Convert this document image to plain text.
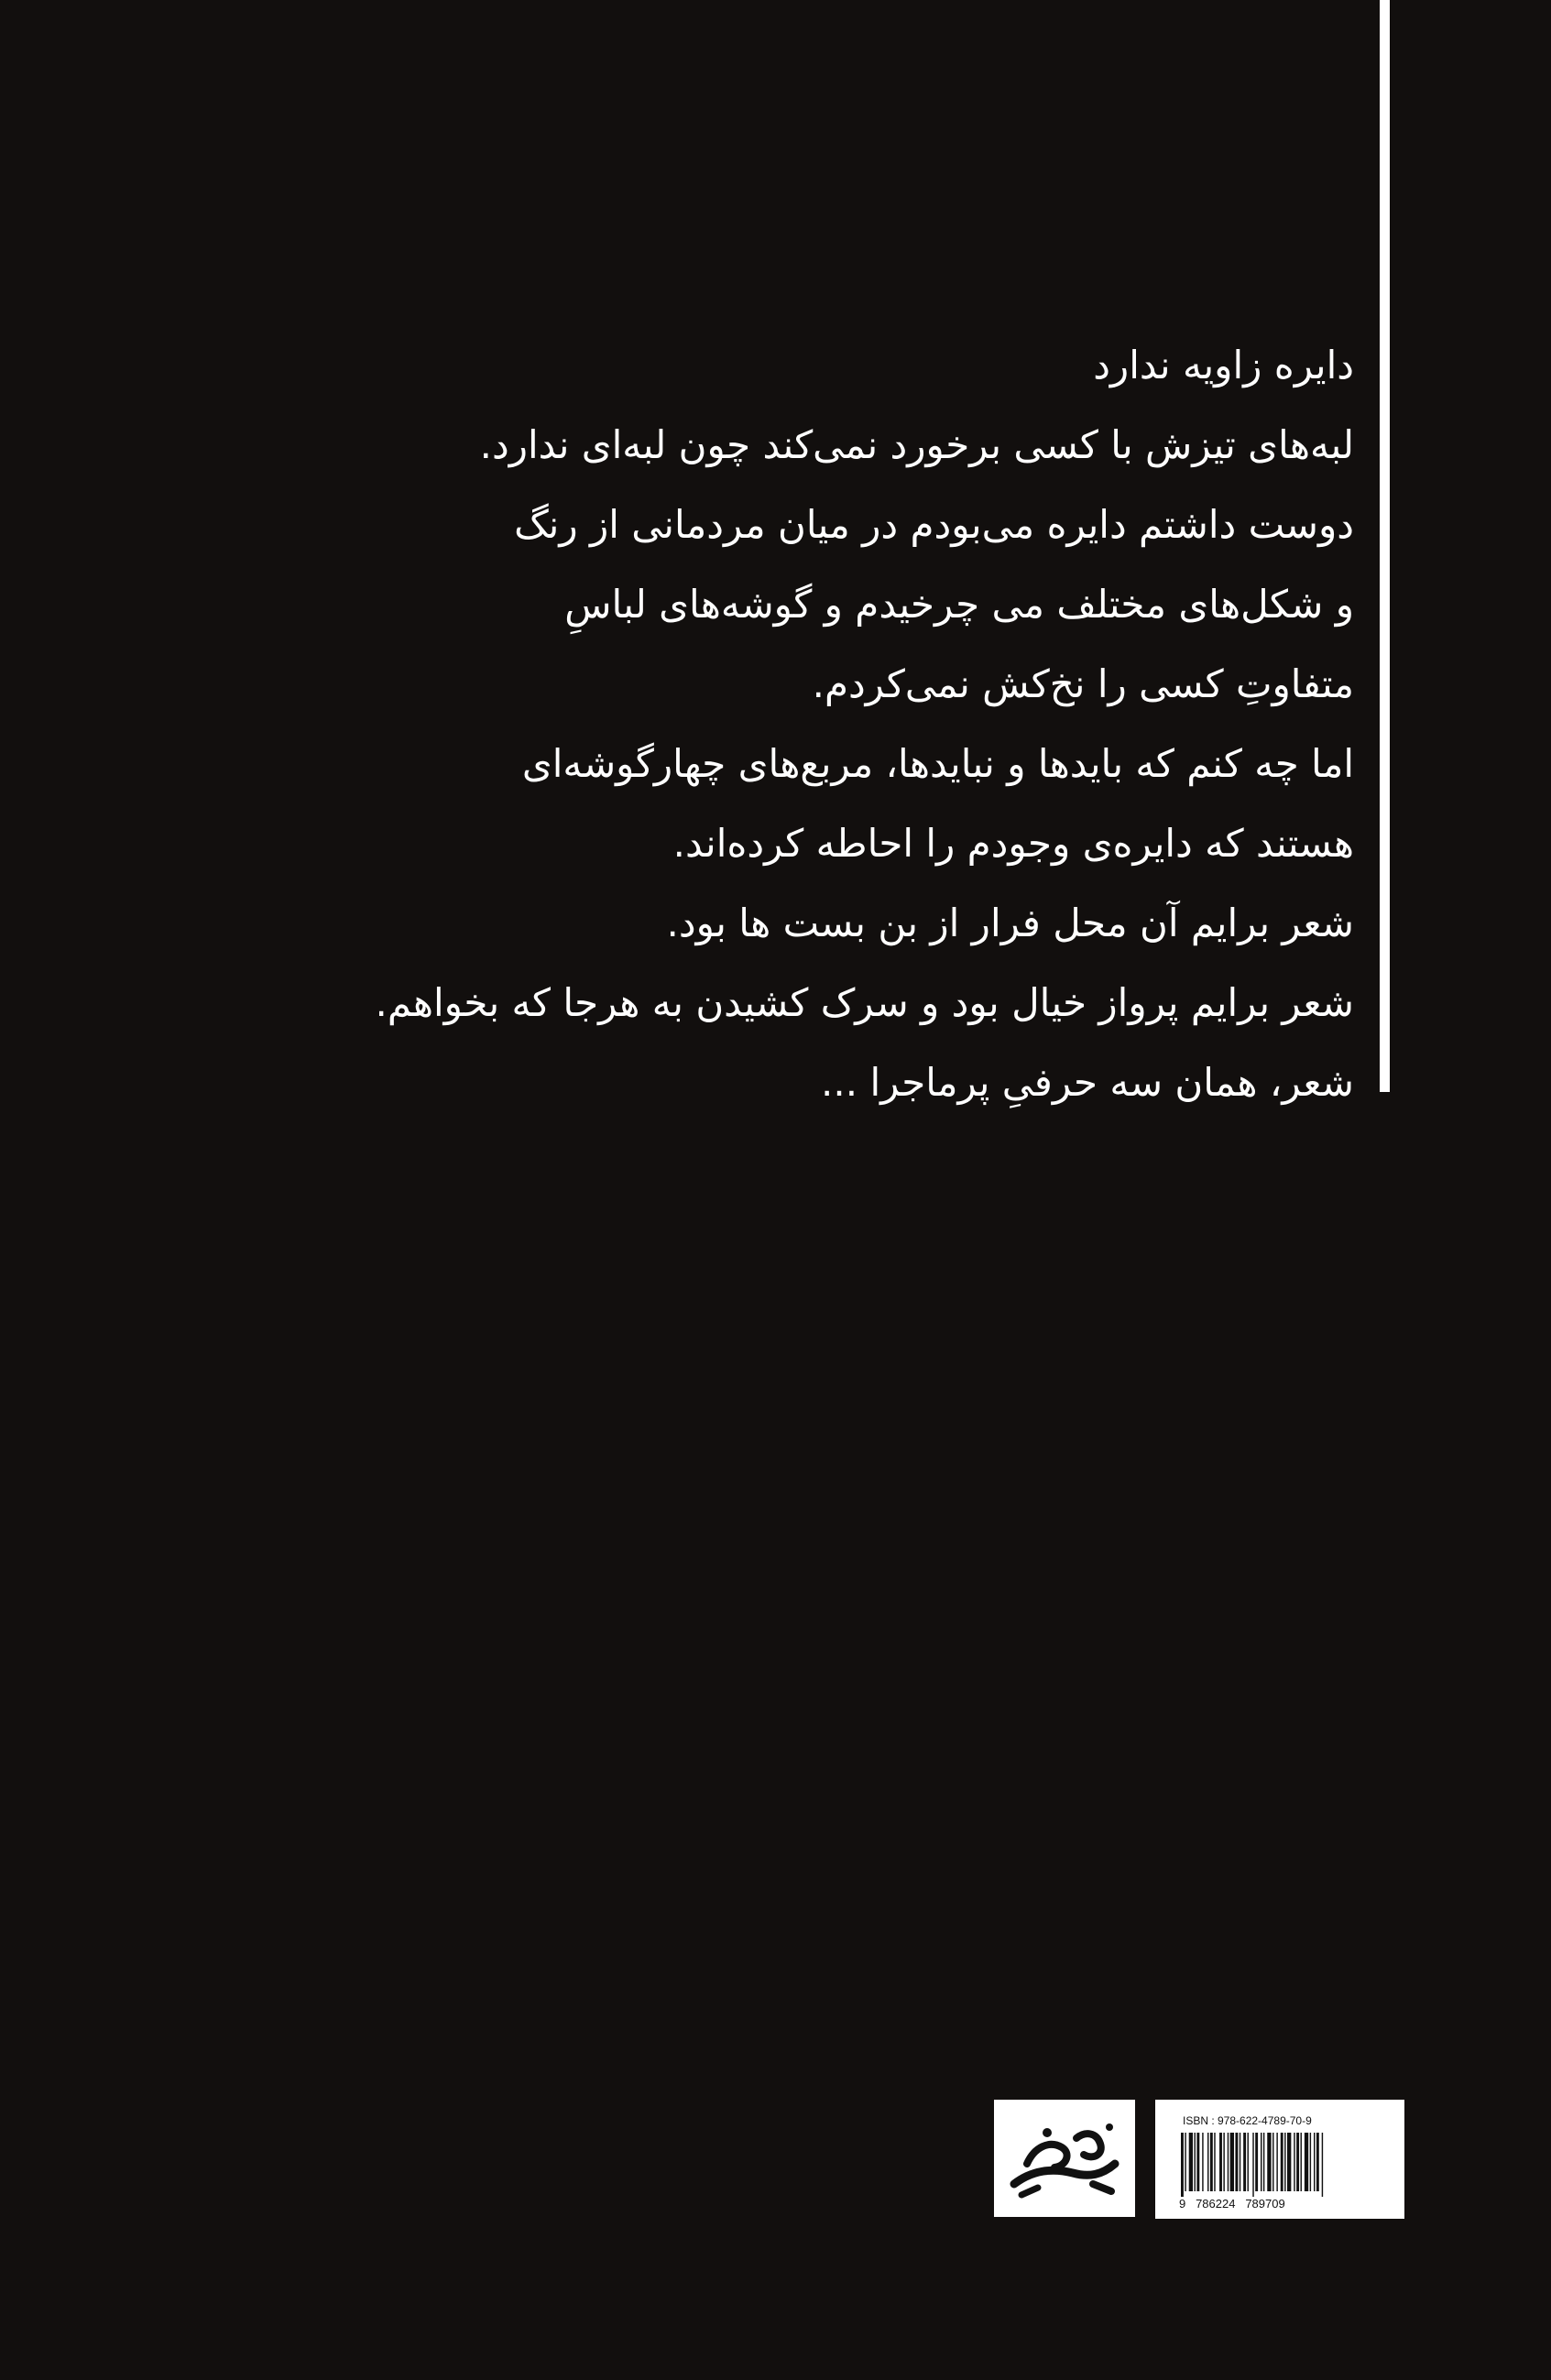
دایره زاویه ندارد
لبه‌های تیزش با کسی برخورد نمی‌کند چون لبه‌ای ندارد.
دوست داشتم دایره می‌بودم در میان مردمانی از رنگ
و شکل‌های مختلف می چرخیدم و گوشه‌های لباسِ
متفاوتِ کسی را نخ‌کش نمی‌کردم.
اما چه کنم که بایدها و نبایدها، مربع‌های چهارگوشه‌ای
هستند که دایره‌ی وجودم را احاطه کرده‌اند.
شعر برایم آن محل فرار از بن بست ها بود.
شعر برایم پرواز خیال بود و سرک کشیدن به هرجا که بخواهم.
شعر، همان سه حرفیِ پرماجرا ...
ISBN : 978-622-4789-70-9
9 786224 789709
